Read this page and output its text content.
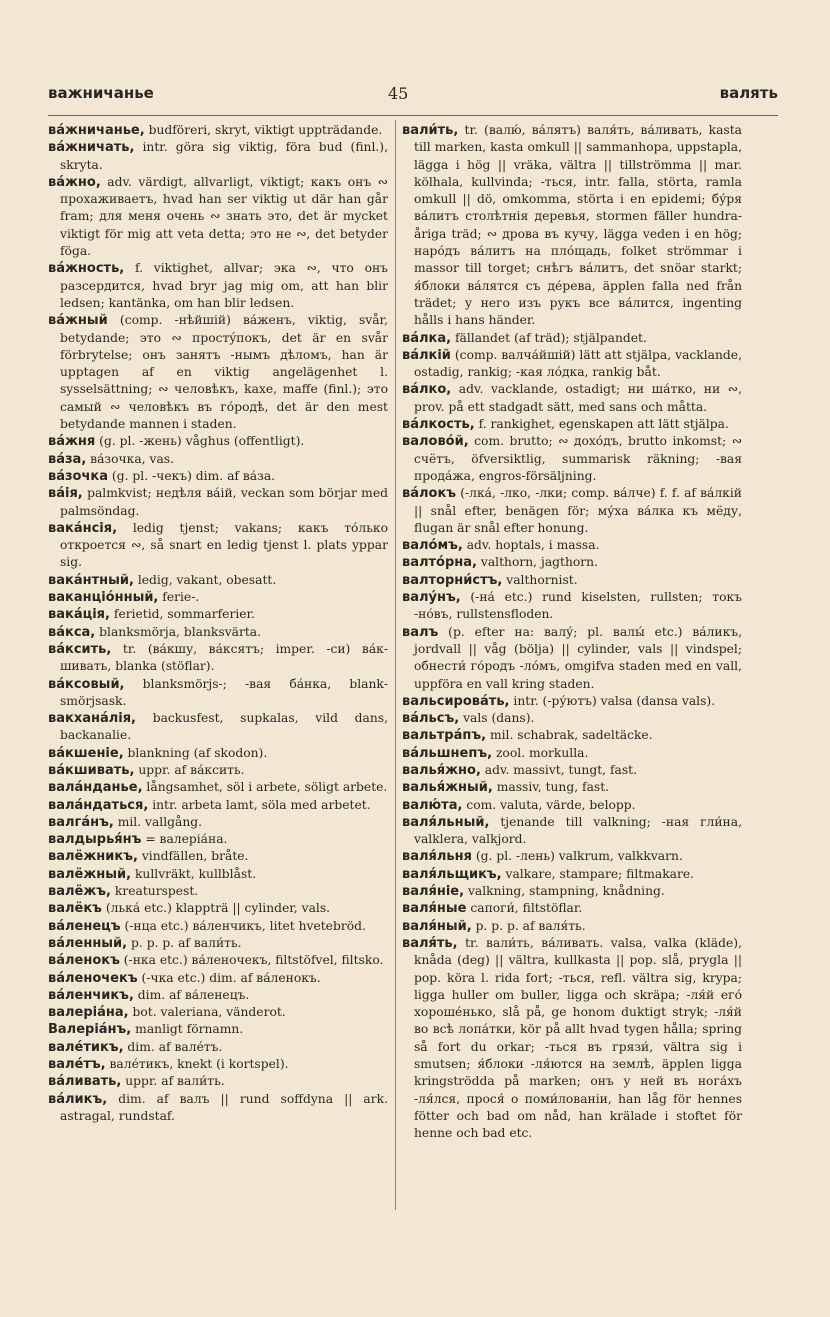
важничанье	45	валять

ва́жничанье, budföreri, skryt, viktigt uppträdande.

ва́жничать, intr. göra sig viktig, föra bud (finl.), skryta.

ва́жно, adv. värdigt, allvarligt, viktigt; какъ онъ ∾ прохаживаетъ, hvad han ser viktig ut där han går fram; для меня очень ∾ знать это, det är mycket viktigt för mig att veta detta; это не ∾, det betyder föga.

ва́жность, f. viktighet, allvar; эка ∾, что онъ разсердится, hvad bryr jag mig om, att han blir ledsen; kantänka, om han blir ledsen.

ва́жный (comp. -нѣйшій) ва́женъ, viktig, svår, betydande; это ∾ простýпокъ, det är en svår förbrytelse; онъ занятъ -нымъ дѣломъ, han är upptagen af en viktig angelägenhet l. sysselsättning; ∾ человѣкъ, kaxe, maffe (finl.); это самый ∾ человѣкъ въ го́родѣ, det är den mest betydande mannen i staden.

ва́жня (g. pl. -жень) våghus (offentligt).

ва́за, ва́зочка, vas.

ва́зочка (g. pl. -чекъ) dim. af ва́за.

ва́ія, palmkvist; недѣля ва́ій, veckan som börjar med palmsöndag.

вака́нсія, ledig tjenst; vakans; какъ то́лько откроется ∾, så snart en ledig tjenst l. plats yppar sig.

вака́нтный, ledig, vakant, obesatt.

ваканціо́нный, ferie-.

вака́ція, ferietid, sommarferier.

ва́кса, blanksmörja, blanksvärta.

ва́ксить, tr. (ва́кшу, ва́ксятъ; imper. -си) ва́кшивать, blanka (stöflar).

ва́ксовый, blanksmörjs-; -вая ба́нка, blanksmörjsask.

вакхана́лія, backusfest, supkalas, vild dans, backanalie.

ва́кшеніе, blankning (af skodon).

ва́кшивать, uppr. af ва́ксить.

вала́нданье, långsamhet, söl i arbete, söligt arbete.

вала́ндаться, intr. arbeta lamt, söla med arbetet.

валга́нъ, mil. vallgång.

валдырья́нъ = валеріа́на.

валёжникъ, vindfällen, bråte.

валёжный, kullvräkt, kullblåst.

валёжъ, kreaturspest.

валёкъ (лька́ etc.) klappträ || cylinder, vals.

ва́ленецъ (-нца etc.) ва́ленчикъ, litet hvetebröd.

ва́ленный, p. p. p. af вали́ть.

ва́ленокъ (-нка etc.) ва́леночекъ, filtstöfvel, filtsko.

ва́леночекъ (-чка etc.) dim. af ва́ленокъ.

ва́ленчикъ, dim. af ва́ленецъ.

валеріа́на, bot. valeriana, vänderot.

Валеріа́нъ, manligt förnamn.

вале́тикъ, dim. af вале́тъ.

вале́тъ, вале́тикъ, knekt (i kortspel).

ва́ливать, uppr. af вали́ть.

ва́ликъ, dim. af валъ || rund soffdyna || ark. astragal, rundstaf.

вали́ть, tr. (валю́, ва́лятъ) валя́ть, ва́ливать, kasta till marken, kasta omkull || sammanhopa, uppstapla, lägga i hög || vräka, vältra || tillströmma || mar. kölhala, kullvinda; -ться, intr. falla, störta, ramla omkull || dö, omkomma, störta i en epidemi; бу́ря ва́литъ столѣтнія деревья, stormen fäller hundraåriga träd; ∾ дрова въ кучу, lägga veden i en hög; наро́дъ ва́литъ на пло́щадь, folket strömmar i massor till torget; снѣгъ ва́литъ, det snöar starkt; я́блоки ва́лятся съ де́рева, äpplen falla ned från trädet; у него изъ рукъ все ва́лится, ingenting hålls i hans händer.

ва́лка, fällandet (af träd); stjälpandet.

ва́лкій (comp. валча́йшій) lätt att stjälpa, vacklande, ostadig, rankig; -кая ло́дка, rankig båt.

ва́лко, adv. vacklande, ostadigt; ни ша́тко, ни ∾, prov. på ett stadgadt sätt, med sans och måtta.

ва́лкость, f. rankighet, egenskapen att lätt stjälpa.

валово́й, com. brutto; ∾ дохо́дъ, brutto inkomst; ∾ счётъ, öfversiktlig, summarisk räkning; -вая прода́жа, engros-försäljning.

ва́локъ (-лка́, -лко, -лки; comp. ва́лче) f. f. af ва́лкій || snål efter, benägen för; му́ха ва́лка къ мёду, flugan är snål efter honung.

вало́мъ, adv. hoptals, i massa.

валто́рна, valthorn, jagthorn.

валторни́стъ, valthornist.

валу́нъ, (-на́ etc.) rund kiselsten, rullsten; токъ -но́въ, rullstensfloden.

валъ (p. efter на: валу́; pl. валы́ etc.) ва́ликъ, jordvall || våg (bölja) || cylinder, vals || vindspel; обнести́ го́родъ -ло́мъ, omgifva staden med en vall, uppföra en vall kring staden.

вальсирова́ть, intr. (-ру́ютъ) valsa (dansa vals).

ва́льсъ, vals (dans).

вальтра́пъ, mil. schabrak, sadeltäcke.

ва́льшнепъ, zool. morkulla.

валья́жно, adv. massivt, tungt, fast.

валья́жный, massiv, tung, fast.

валю́та, com. valuta, värde, belopp.

валя́льный, tjenande till valkning; -ная гли́на, valklera, valkjord.

валя́льня (g. pl. -лень) valkrum, valkkvarn.

валя́льщикъ, valkare, stampare; filtmakare.

валя́ніе, valkning, stampning, knådning.

валя́ные сапоги́, filtstöflar.

валя́ный, p. p. p. af валя́ть.

валя́ть, tr. вали́ть, ва́ливать. valsa, valka (kläde), knåda (deg) || vältra, kullkasta || pop. slå, prygla || pop. köra l. rida fort; -ться, refl. vältra sig, krypa; ligga huller om buller, ligga och skräpa; -ля́й его́ хороше́нько, slå på, ge honom duktigt stryk; -ля́й во всѣ лопа́тки, kör på allt hvad tygen hålla; spring så fort du orkar; -ться въ грязи́, vältra sig i smutsen; я́блоки -ля́ются на землѣ, äpplen ligga kringströdda på marken; онъ у ней въ нога́хъ -ля́лся, прося́ о поми́лованіи, han låg för hennes fötter och bad om nåd, han krälade i stoftet för henne och bad etc.
